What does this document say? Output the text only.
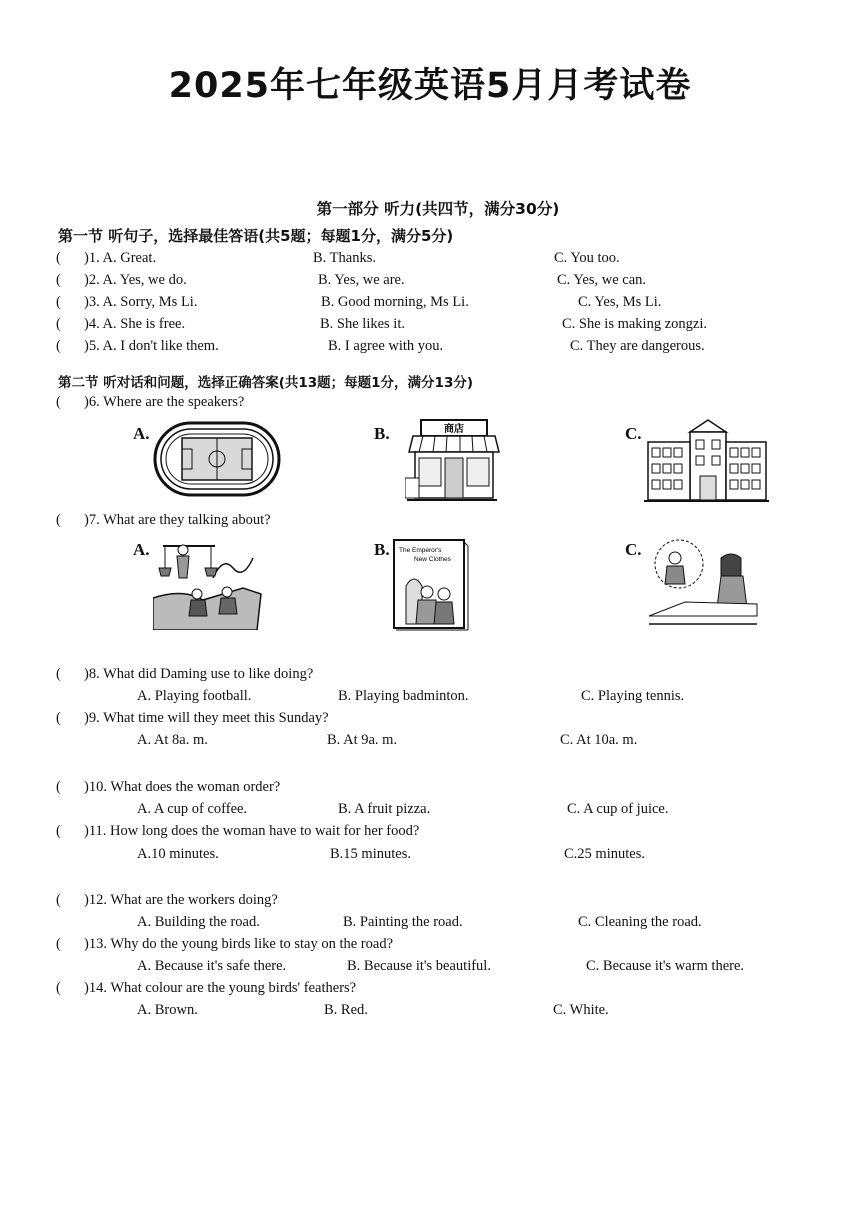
2025年七年级英语5月月考试卷
第一部分 听力(共四节，满分30分)
第一节 听句子，选择最佳答语(共5题；每题1分，满分5分)
( )1. A. Great.	B. Thanks.	C. You too.
( )2. A. Yes, we do.	B. Yes, we are.	C. Yes, we can.
( )3. A. Sorry, Ms Li.	B. Good morning, Ms Li.	C. Yes, Ms Li.
( )4. A. She is free.	B. She likes it.	C. She is making zongzi.
( )5. A. I don't like them.	B. I agree with you.	C. They are dangerous.
第二节 听对话和问题，选择正确答案(共13题；每题1分，满分13分)
( )6. Where are the speakers?
A.	B.	商店	C.
( )7. What are they talking about?
A.	B. The Emperor's
New Clothes
C.
( )8. What did Daming use to like doing?
A. Playing football.	B. Playing badminton.	C. Playing tennis.
( )9. What time will they meet this Sunday?
A. At 8a. m.	B. At 9a. m.	C. At 10a. m.
( )10. What does the woman order?
A. A cup of coffee.	B. A fruit pizza.	C. A cup of juice.
( )11. How long does the woman have to wait for her food?
A.10 minutes.	B.15 minutes.	C.25 minutes.
( )12. What are the workers doing?
A. Building the road.	B. Painting the road.	C. Cleaning the road.
( )13. Why do the young birds like to stay on the road?
A. Because it's safe there.	B. Because it's beautiful.	C. Because it's warm there.
( )14. What colour are the young birds' feathers?
A. Brown.	B. Red.	C. White.
